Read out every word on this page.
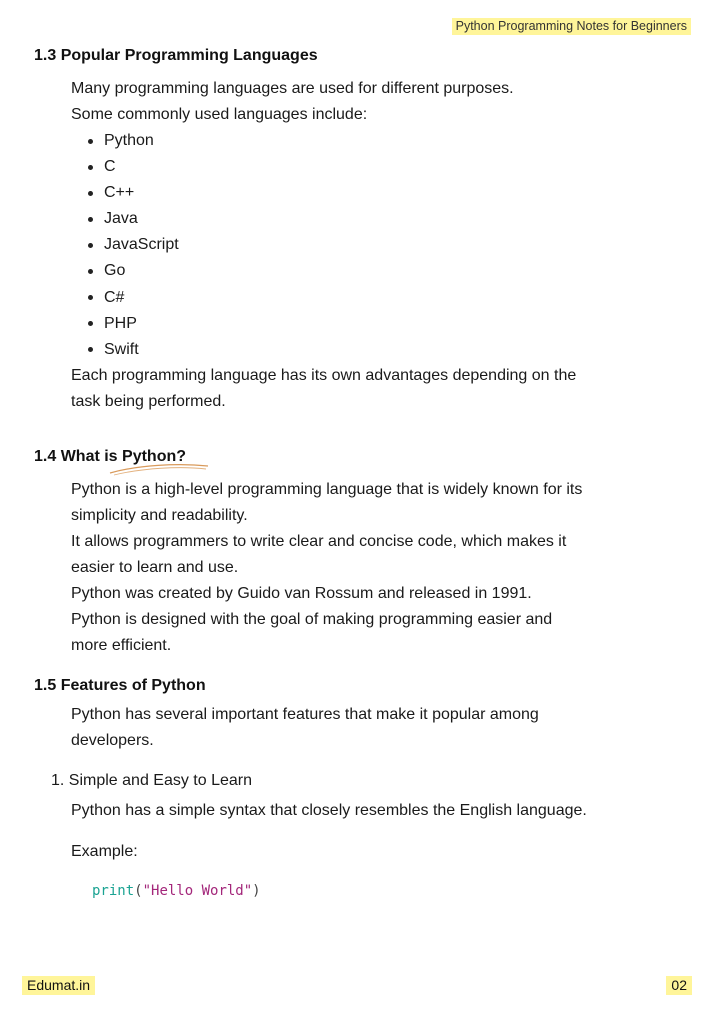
Python Programming Notes for Beginners
1.3 Popular Programming Languages
Many programming languages are used for different purposes.
Some commonly used languages include:
Python
C
C++
Java
JavaScript
Go
C#
PHP
Swift
Each programming language has its own advantages depending on the
task being performed.
1.4 What is Python?
Python is a high-level programming language that is widely known for its
simplicity and readability.
It allows programmers to write clear and concise code, which makes it
easier to learn and use.
Python was created by Guido van Rossum and released in 1991.
Python is designed with the goal of making programming easier and
more efficient.
1.5 Features of Python
Python has several important features that make it popular among
developers.
1. Simple and Easy to Learn
Python has a simple syntax that closely resembles the English language.
Example:
print("Hello World")
Edumat.in	02
